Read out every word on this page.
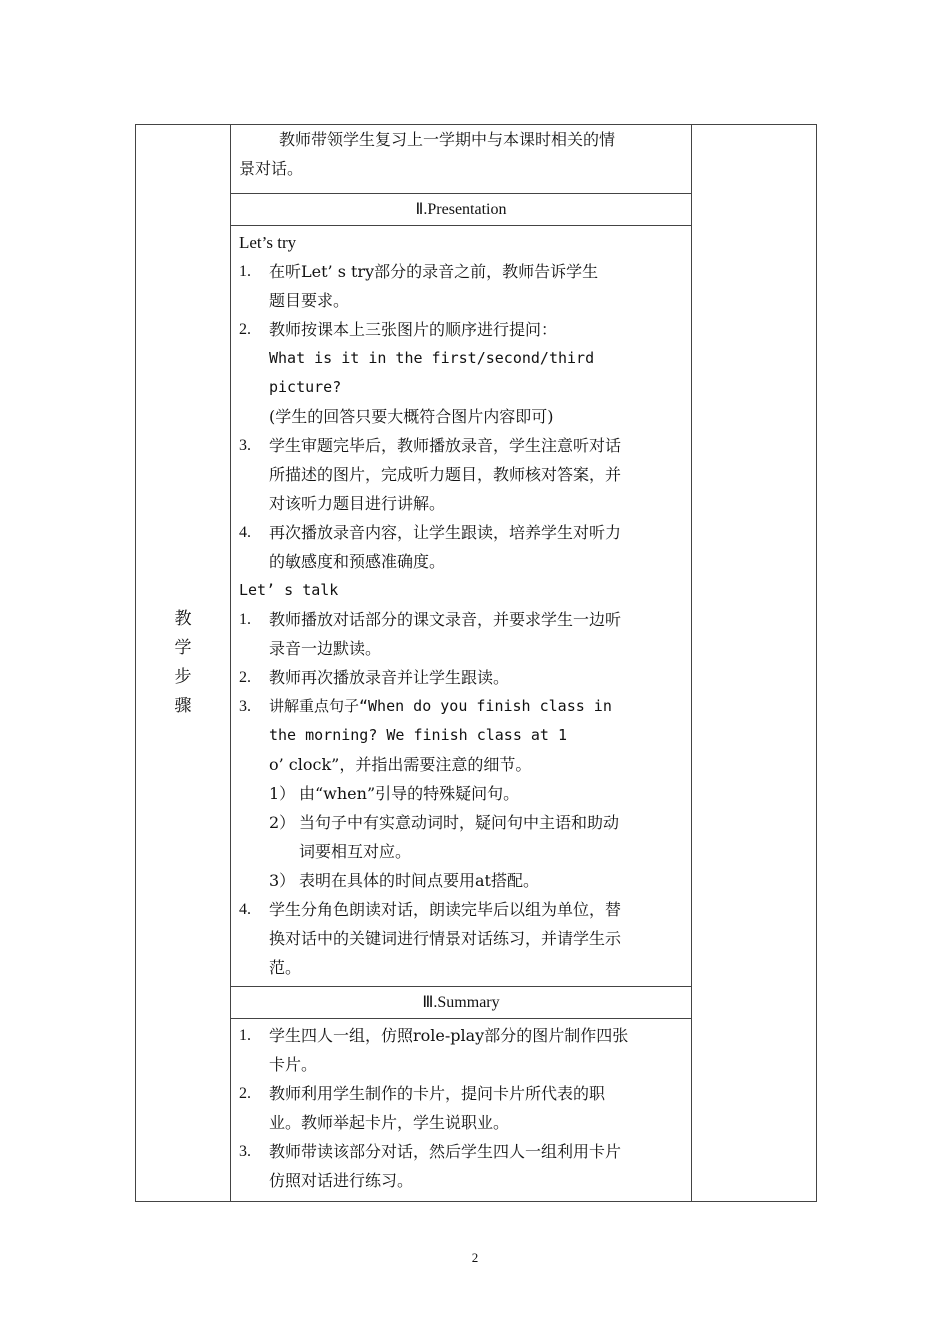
教
学
步
骤

教师带领学生复习上一学期中与本课时相关的情
景对话。

Ⅱ.Presentation

Let’s try
1.	在听Let’ s try部分的录音之前，教师告诉学生
题目要求。
2.	教师按课本上三张图片的顺序进行提问：
What is it in the first/second/third
picture?
(学生的回答只要大概符合图片内容即可)
3.	学生审题完毕后，教师播放录音，学生注意听对话
所描述的图片，完成听力题目，教师核对答案，并
对该听力题目进行讲解。
4.	再次播放录音内容，让学生跟读，培养学生对听力
的敏感度和预感准确度。
Let’ s talk
1.	教师播放对话部分的课文录音，并要求学生一边听
录音一边默读。
2.	教师再次播放录音并让学生跟读。
3.	讲解重点句子“When do you finish class in
the morning? We finish class at 1
o’ clock”，并指出需要注意的细节。
1） 由“when”引导的特殊疑问句。
2） 当句子中有实意动词时，疑问句中主语和助动
词要相互对应。
3） 表明在具体的时间点要用at搭配。
4.	学生分角色朗读对话，朗读完毕后以组为单位，替
换对话中的关键词进行情景对话练习，并请学生示
范。

Ⅲ.Summary

1.	学生四人一组，仿照role-play部分的图片制作四张
卡片。
2.	教师利用学生制作的卡片，提问卡片所代表的职
业。教师举起卡片，学生说职业。
3.	教师带读该部分对话，然后学生四人一组利用卡片
仿照对话进行练习。

2
